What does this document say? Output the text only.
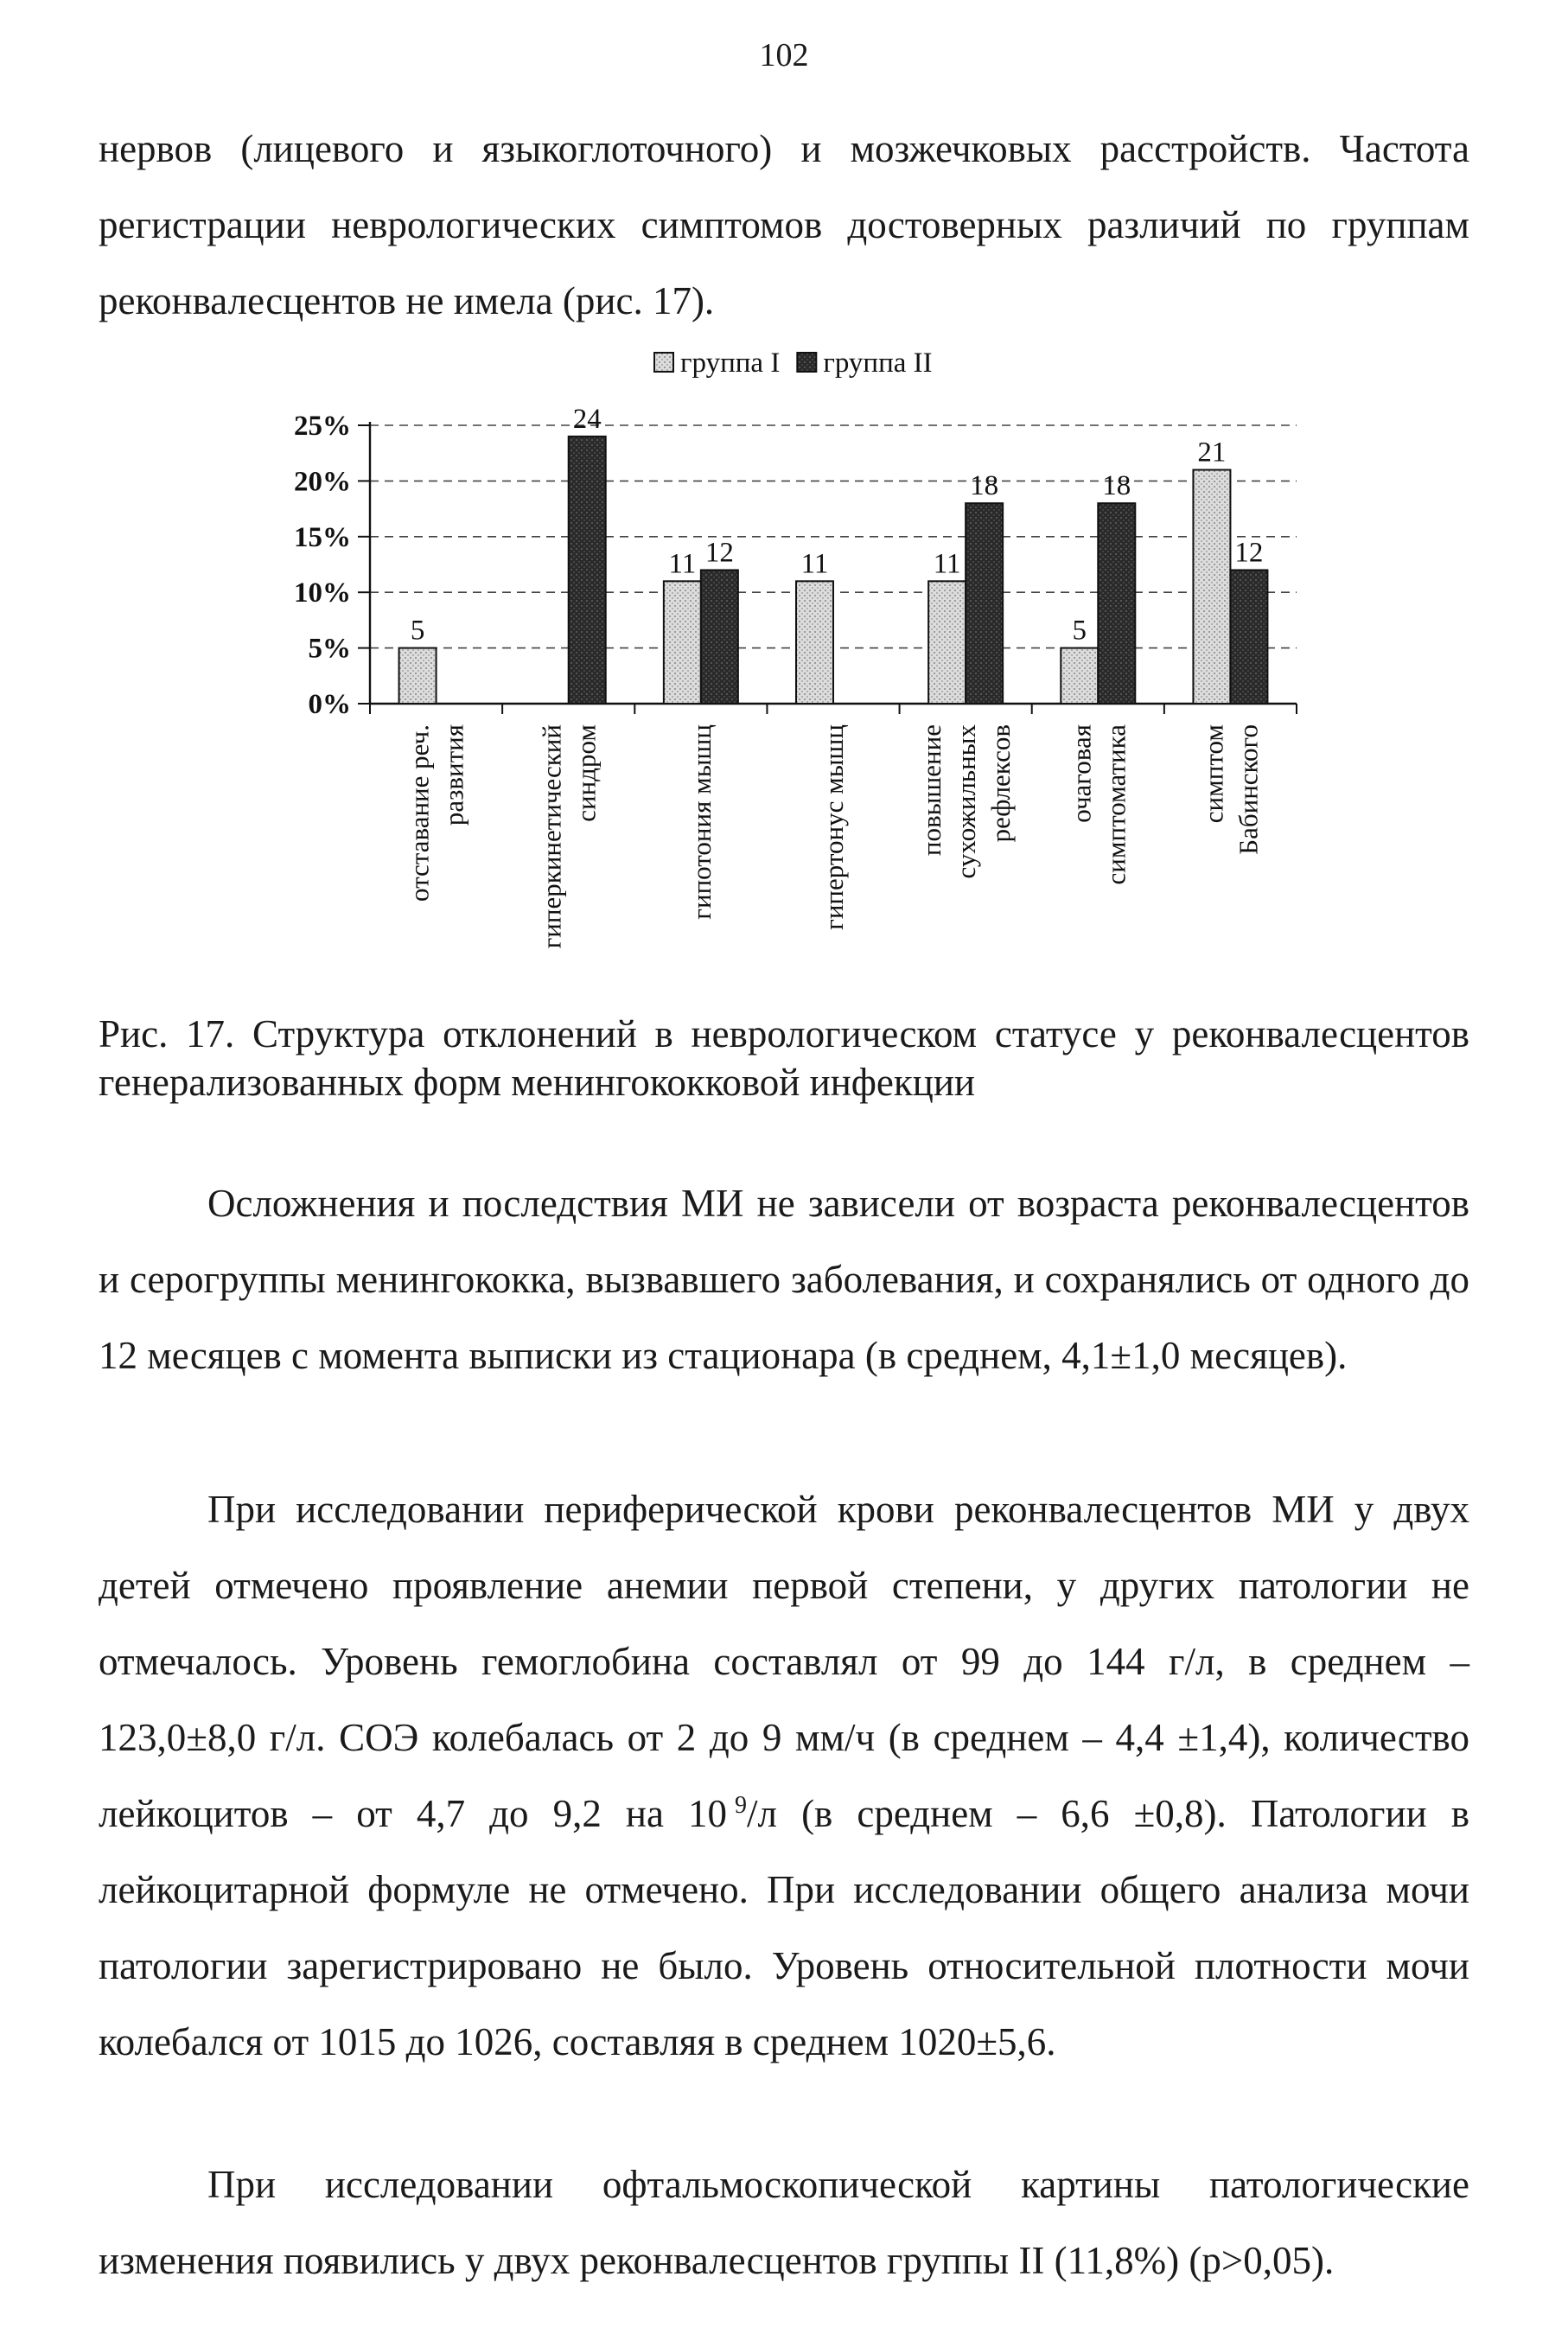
102

нервов (лицевого и языкоглоточного) и мозжечковых расстройств. Частота регистрации неврологических симптомов достоверных различий по группам реконвалесцентов не имела (рис. 17).

0%
5%
10%
15%
20%
25%
5
11	11	11
5
21
24
12
18	18
12
отставание реч. развития	гиперкинетический синдром	гипотония мышц	гипертонус мышц	повышение сухожильных рефлексов очаговая симптоматика	симптом Бабинского
группа I группа II

Рис. 17. Структура отклонений в неврологическом статусе у реконвалесцентов генерализованных форм менингококковой инфекции

Осложнения и последствия МИ не зависели от возраста реконвалесцентов и серогруппы менингококка, вызвавшего заболевания, и сохранялись от одного до 12 месяцев с момента выписки из стационара (в среднем, 4,1±1,0 месяцев).

При исследовании периферической крови реконвалесцентов МИ у двух детей отмечено проявление анемии первой степени, у других патологии не отмечалось. Уровень гемоглобина составлял от 99 до 144 г/л, в среднем – 123,0±8,0 г/л. СОЭ колебалась от 2 до 9 мм/ч (в среднем – 4,4 ±1,4), количество лейкоцитов – от 4,7 до 9,2 на 10  $^9$/л (в среднем – 6,6 ±0,8). Патологии в лейкоцитарной формуле не отмечено. При исследовании общего анализа мочи патологии зарегистрировано не было. Уровень относительной плотности мочи колебался от 1015 до 1026, составляя в среднем 1020±5,6.

При исследовании офтальмоскопической картины патологические изменения появились у двух реконвалесцентов группы II (11,8%) (р>0,05).
